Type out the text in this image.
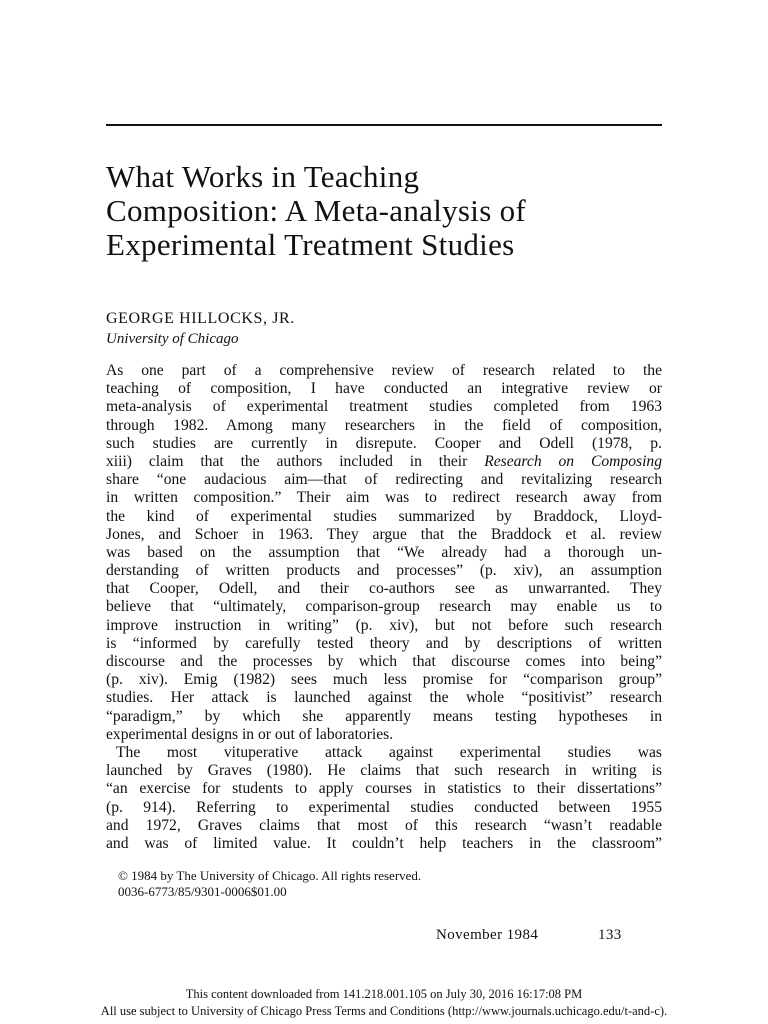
What Works in Teaching
Composition: A Meta-analysis of
Experimental Treatment Studies
GEORGE HILLOCKS, JR.
University of Chicago
As one part of a comprehensive review of research related to the
teaching of composition, I have conducted an integrative review or
meta-analysis of experimental treatment studies completed from 1963
through 1982. Among many researchers in the field of composition,
such studies are currently in disrepute. Cooper and Odell (1978, p.
xiii) claim that the authors included in their Research on Composing
share “one audacious aim—that of redirecting and revitalizing research
in written composition.” Their aim was to redirect research away from
the kind of experimental studies summarized by Braddock, Lloyd-
Jones, and Schoer in 1963. They argue that the Braddock et al. review
was based on the assumption that “We already had a thorough un-
derstanding of written products and processes” (p. xiv), an assumption
that Cooper, Odell, and their co-authors see as unwarranted. They
believe that “ultimately, comparison-group research may enable us to
improve instruction in writing” (p. xiv), but not before such research
is “informed by carefully tested theory and by descriptions of written
discourse and the processes by which that discourse comes into being”
(p. xiv). Emig (1982) sees much less promise for “comparison group”
studies. Her attack is launched against the whole “positivist” research
“paradigm,” by which she apparently means testing hypotheses in
experimental designs in or out of laboratories.
The most vituperative attack against experimental studies was
launched by Graves (1980). He claims that such research in writing is
“an exercise for students to apply courses in statistics to their dissertations”
(p. 914). Referring to experimental studies conducted between 1955
and 1972, Graves claims that most of this research “wasn’t readable
and was of limited value. It couldn’t help teachers in the classroom”
© 1984 by The University of Chicago. All rights reserved.
0036-6773/85/9301-0006$01.00
November 1984	133
This content downloaded from 141.218.001.105 on July 30, 2016 16:17:08 PM
All use subject to University of Chicago Press Terms and Conditions (http://www.journals.uchicago.edu/t-and-c).
